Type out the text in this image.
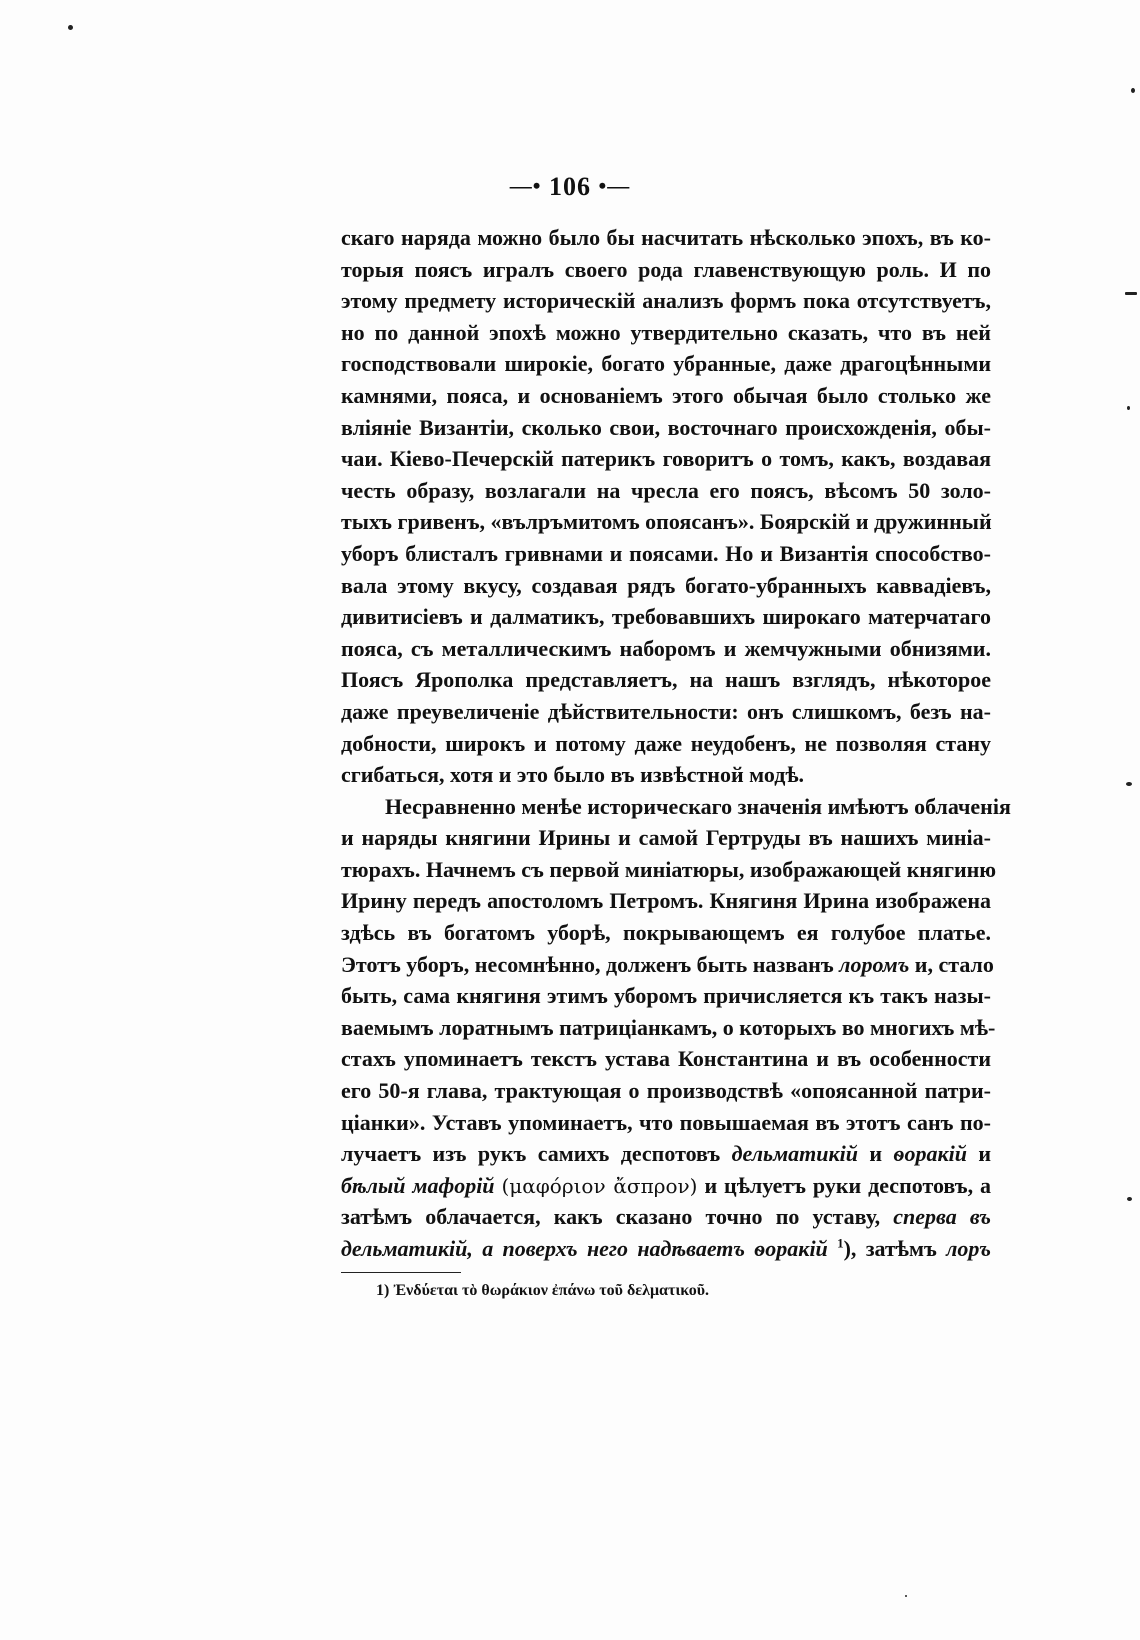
—• 106 •—
скаго наряда можно было бы насчитать нѣсколько эпохъ, въ ко-
торыя поясъ игралъ своего рода главенствующую роль. И по
этому предмету историческій анализъ формъ пока отсутствуетъ,
но по данной эпохѣ можно утвердительно сказать, что въ ней
господствовали широкіе, богато убранные, даже драгоцѣнными
камнями, пояса, и основаніемъ этого обычая было столько же
вліяніе Византіи, сколько свои, восточнаго происхожденія, обы-
чаи. Кіево-Печерскій патерикъ говоритъ о томъ, какъ, воздавая
честь образу, возлагали на чресла его поясъ, вѣсомъ 50 золо-
тыхъ гривенъ, «вълръмитомъ опоясанъ». Боярскій и дружинный
уборъ блисталъ гривнами и поясами. Но и Византія способство-
вала этому вкусу, создавая рядъ богато-убранныхъ каввадіевъ,
дивитисіевъ и далматикъ, требовавшихъ широкаго матерчатаго
пояса, съ металлическимъ наборомъ и жемчужными обнизями.
Поясъ Ярополка представляетъ, на нашъ взглядъ, нѣкоторое
даже преувеличеніе дѣйствительности: онъ слишкомъ, безъ на-
добности, широкъ и потому даже неудобенъ, не позволяя стану
сгибаться, хотя и это было въ извѣстной модѣ.
Несравненно менѣе историческаго значенія имѣютъ облаченія
и наряды княгини Ирины и самой Гертруды въ нашихъ миніа-
тюрахъ. Начнемъ съ первой миніатюры, изображающей княгиню
Ирину передъ апостоломъ Петромъ. Княгиня Ирина изображена
здѣсь въ богатомъ уборѣ, покрывающемъ ея голубое платье.
Этотъ уборъ, несомнѣнно, долженъ быть названъ лоромъ и, стало
быть, сама княгиня этимъ уборомъ причисляется къ такъ назы-
ваемымъ лоратнымъ патриціанкамъ, о которыхъ во многихъ мѣ-
стахъ упоминаетъ текстъ устава Константина и въ особенности
его 50-я глава, трактующая о производствѣ «опоясанной патри-
ціанки». Уставъ упоминаетъ, что повышаемая въ этотъ санъ по-
лучаетъ изъ рукъ самихъ деспотовъ дельматикій и ѳоракій и
бѣлый мафорій (μαφόριον ἄσπρον) и цѣлуетъ руки деспотовъ, а
затѣмъ облачается, какъ сказано точно по уставу, сперва въ
дельматикій, а поверхъ него надѣваетъ ѳоракій $^1$), затѣмъ лоръ
1) Ἐνδύεται τὸ θωράκιον ἐπάνω τοῦ δελματικοῦ.
